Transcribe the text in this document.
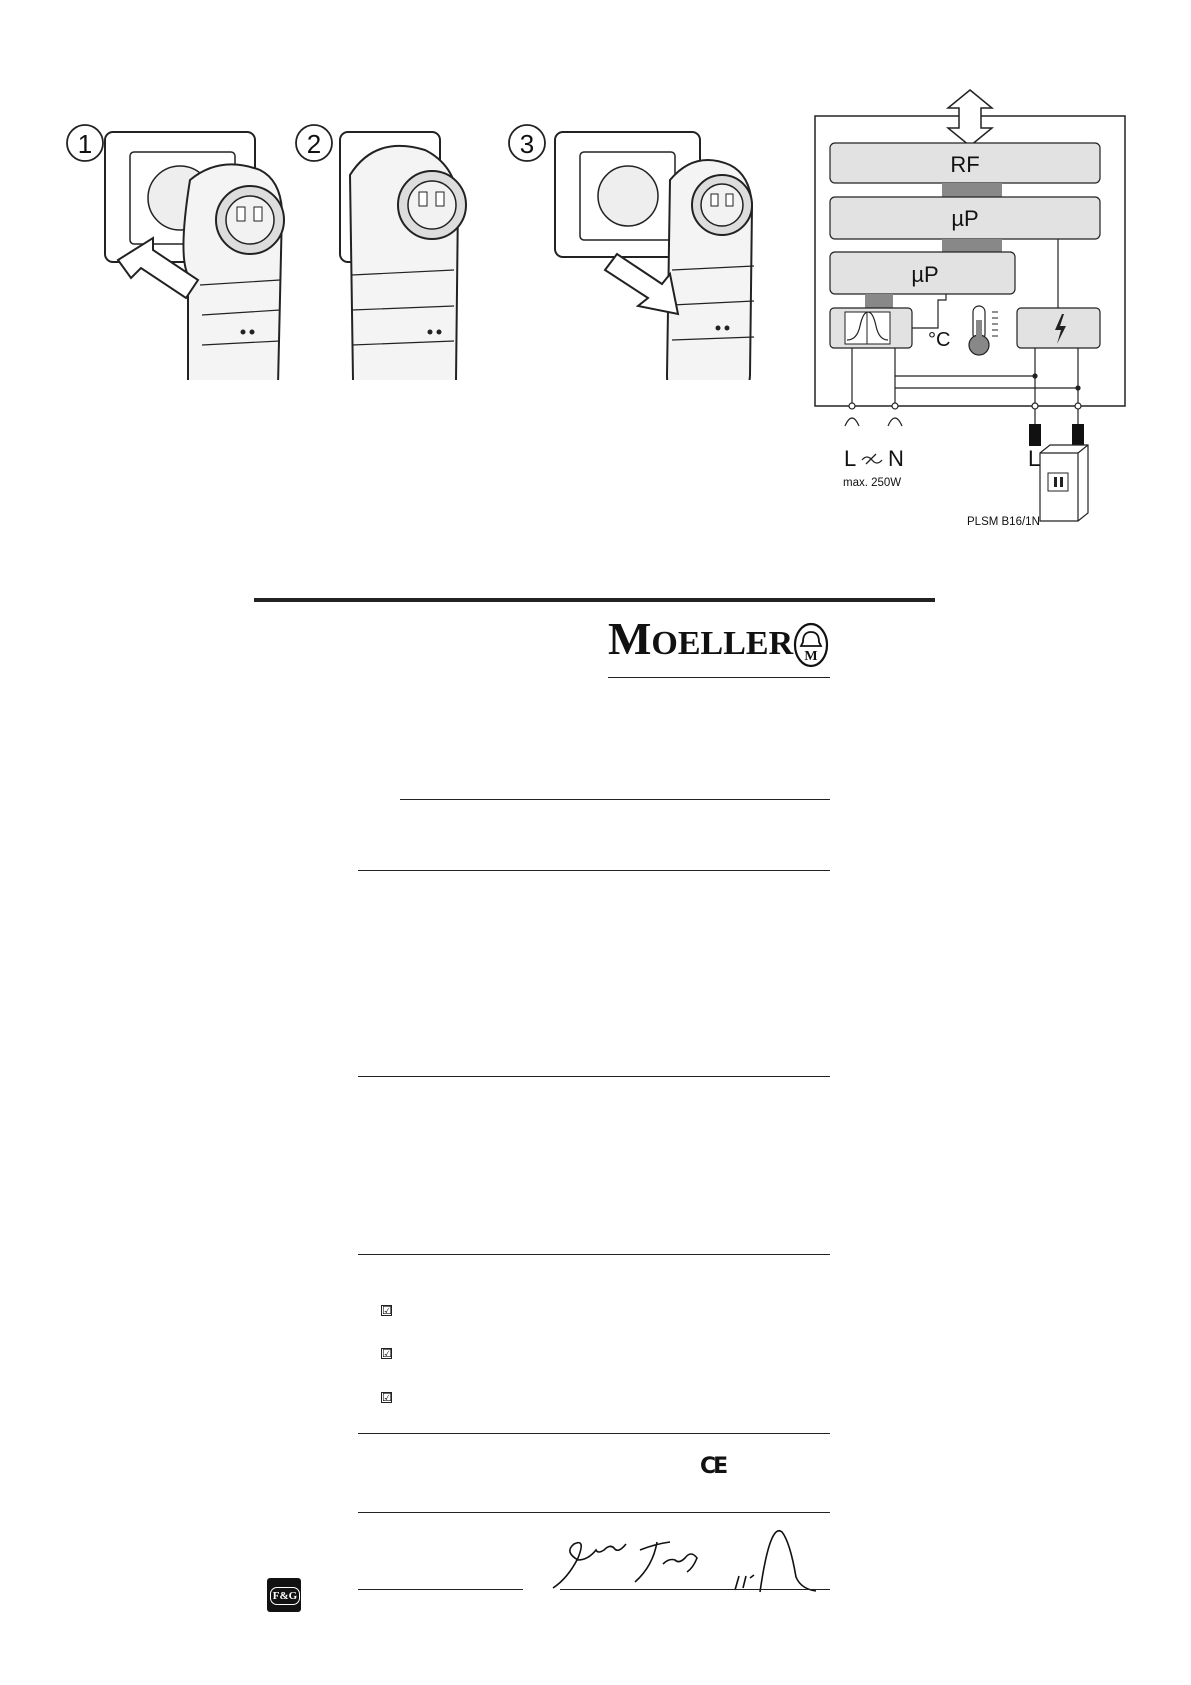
1	2	3
RF
µP
µP
°C
L N
max. 250W
L
PLSM B16/1N
MOELLER M
☑
☑
☑
CE
F&G
